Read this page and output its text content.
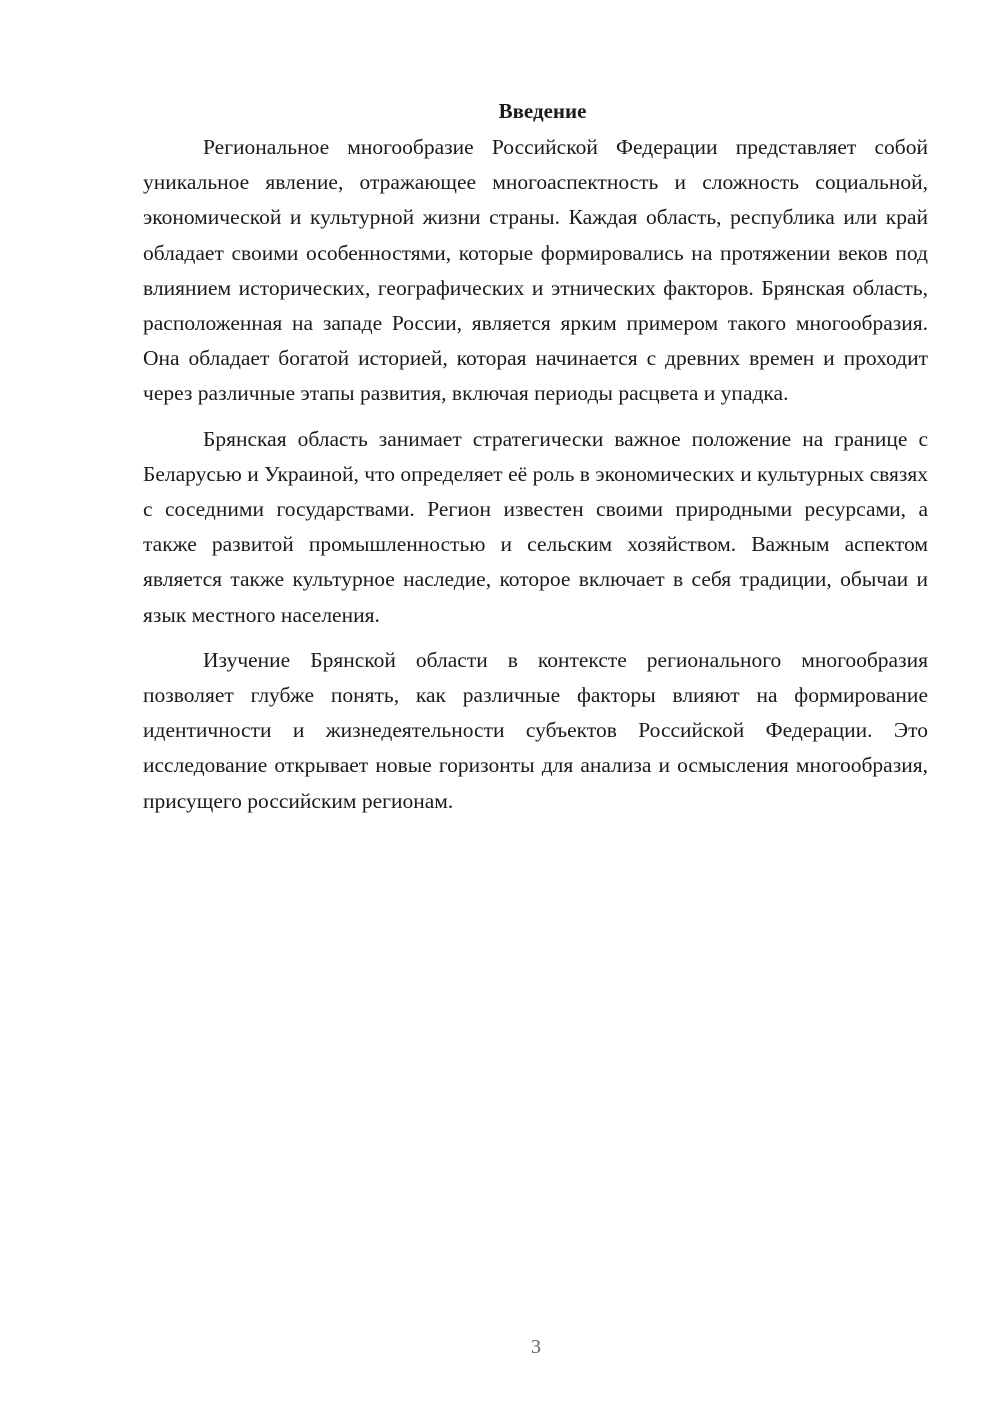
Введение

Региональное многообразие Российской Федерации представляет собой уникальное явление, отражающее многоаспектность и сложность социальной, экономической и культурной жизни страны. Каждая область, республика или край обладает своими особенностями, которые формировались на протяжении веков под влиянием исторических, географических и этнических факторов. Брянская область, расположенная на западе России, является ярким примером такого многообразия. Она обладает богатой историей, которая начинается с древних времен и проходит через различные этапы развития, включая периоды расцвета и упадка.

Брянская область занимает стратегически важное положение на границе с Беларусью и Украиной, что определяет её роль в экономических и культурных связях с соседними государствами. Регион известен своими природными ресурсами, а также развитой промышленностью и сельским хозяйством. Важным аспектом является также культурное наследие, которое включает в себя традиции, обычаи и язык местного населения.

Изучение Брянской области в контексте регионального многообразия позволяет глубже понять, как различные факторы влияют на формирование идентичности и жизнедеятельности субъектов Российской Федерации. Это исследование открывает новые горизонты для анализа и осмысления многообразия, присущего российским регионам.

3
